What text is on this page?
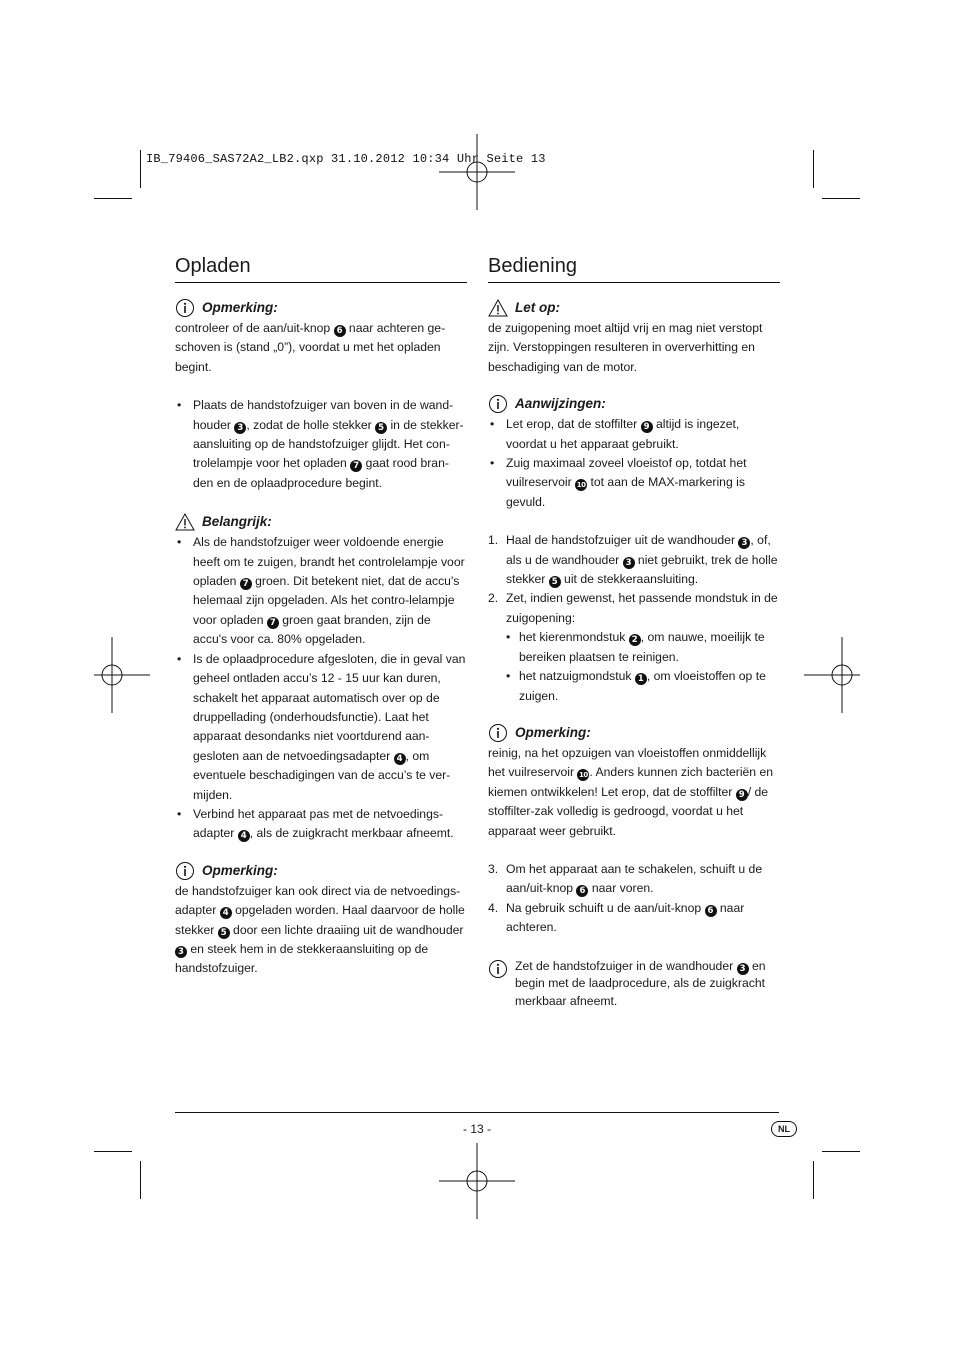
IB_79406_SAS72A2_LB2.qxp 31.10.2012 10:34 Uhr Seite 13
Opladen
Opmerking:

controleer of de aan/uit-knop 6 naar achteren ge-schoven is (stand „0”), voordat u met het opladen begint.

• Plaats de handstofzuiger van boven in de wand-houder 3 , zodat de holle stekker 5 in de stekker-aansluiting op de handstofzuiger glijdt. Het con-trolelampje voor het opladen 7 gaat rood bran-den en de oplaadprocedure begint.
Belangrijk:
• Als de handstofzuiger weer voldoende energie heeft om te zuigen, brandt het controlelampje voor opladen 7 groen. Dit betekent niet, dat de accu's helemaal zijn opgeladen. Als het contro-lelampje voor opladen 7 groen gaat branden, zijn de accu's voor ca. 80% opgeladen.
• Is de oplaadprocedure afgesloten, die in geval van geheel ontladen accu’s 12 - 15 uur kan duren, schakelt het apparaat automatisch over op de druppellading (onderhoudsfunctie). Laat het apparaat desondanks niet voortdurend aan-gesloten aan de netvoedingsadapter 4 , om eventuele beschadigingen van de accu’s te ver-mijden.
• Verbind het apparaat pas met de netvoedings-adapter 4 , als de zuigkracht merkbaar afneemt.
Opmerking:

de handstofzuiger kan ook direct via de netvoedings-adapter 4 opgeladen worden. Haal daarvoor de holle stekker 5 door een lichte draaiing uit de wandhouder 3 en steek hem in de stekkeraansluiting op de handstofzuiger.

Bediening
Let op:

de zuigopening moet altijd vrij en mag niet verstopt zijn. Verstoppingen resulteren in oververhitting en beschadiging van de motor.

Aanwijzingen:
• Let erop, dat de stoffilter 9 altijd is ingezet, voordat u het apparaat gebruikt.
• Zuig maximaal zoveel vloeistof op, totdat het vuilreservoir 10 tot aan de MAX-markering is gevuld.
1. Haal de handstofzuiger uit de wandhouder 3 , of, als u de wandhouder 3 niet gebruikt, trek de holle stekker 5 uit de stekkeraansluiting.
2. Zet, indien gewenst, het passende mondstuk in de zuigopening:
• het kierenmondstuk 2 , om nauwe, moeilijk te bereiken plaatsen te reinigen.
• het natzuigmondstuk 1 , om vloeistoffen op te zuigen.
Opmerking:

reinig, na het opzuigen van vloeistoffen onmiddellijk het vuilreservoir 10 . Anders kunnen zich bacteriën en kiemen ontwikkelen! Let erop, dat de stoffilter 9 / de stoffilter-zak volledig is gedroogd, voordat u het apparaat weer gebruikt.

3. Om het apparaat aan te schakelen, schuift u de aan/uit-knop 6 naar voren.
4. Na gebruik schuift u de aan/uit-knop 6 naar achteren.

Zet de handstofzuiger in de wandhouder 3 en begin met de laadprocedure, als de zuigkracht merkbaar afneemt.

- 13 -	NL
